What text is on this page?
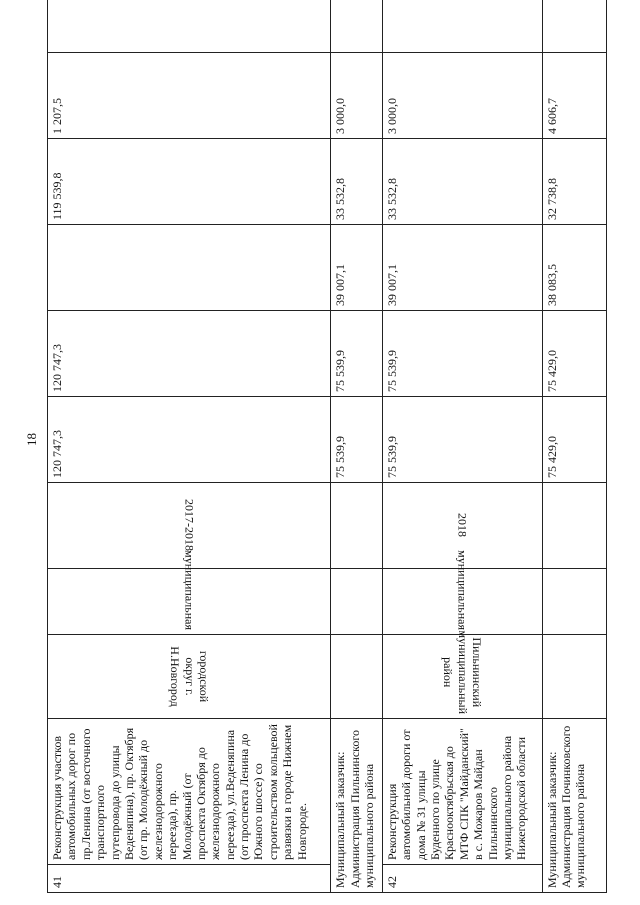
18
41	Реконструкция участков автомобильных дорог по пр.Ленина (от восточного транспортного путепровода до улицы Веденяпина), пр. Октября (от пр. Молодёжный до железнодорожного переезда), пр. Молодёжный (от проспекта Октября до железнодорожного переезда), ул.Веденяпина (от проспекта Ленина до Южного шоссе) со строительством кольцевой развязки в городе Нижнем Новгороде.	городской округ г. Н.Новгород	муниципальная	2017-2018	120 747,3	120 747,3		119 539,8	1 207,5	
Муниципальный заказчик: Администрация Пильнинского муниципального района					75 539,9	75 539,9	39 007,1	33 532,8	3 000,0	
42	Реконструкция автомобильной дороги от дома № 31 улицы Буденного по улице Краснооктябрьская до МТФ СПК "Майданский" в с. Можаров Майдан Пильнинского муниципального района Нижегородской области	Пильнинский муниципальный район	муниципальная	2018	75 539,9	75 539,9	39 007,1	33 532,8	3 000,0	
Муниципальный заказчик: Администрация Починковского муниципального района					75 429,0	75 429,0	38 083,5	32 738,8	4 606,7	
